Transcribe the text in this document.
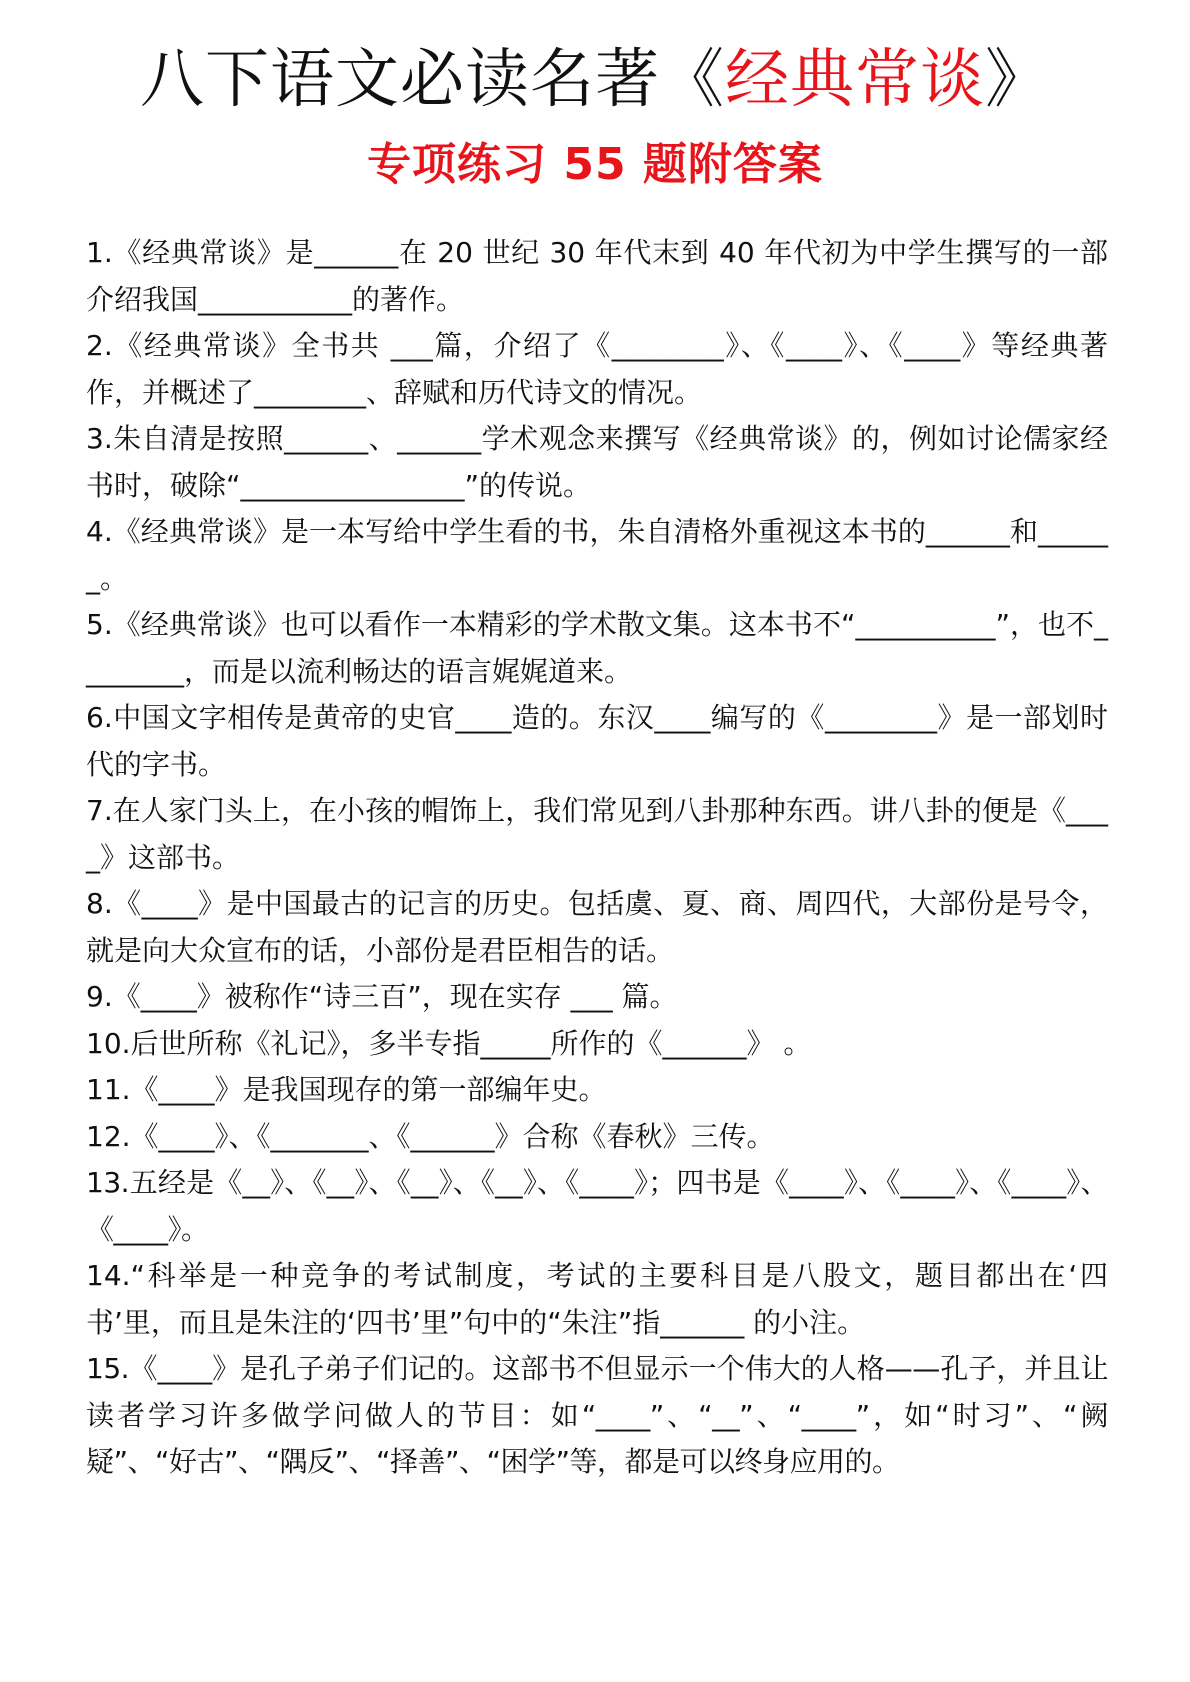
八下语文必读名著《经典常谈》
专项练习 55 题附答案

1.《经典常谈》是______在 20 世纪 30 年代末到 40 年代初为中学生撰写的一部介绍我国___________的著作。

2.《经典常谈》全书共 ___篇，介绍了《________》、《____》、《____》等经典著作，并概述了________、辞赋和历代诗文的情况。

3.朱自清是按照______、______学术观念来撰写《经典常谈》的，例如讨论儒家经书时，破除“________________”的传说。

4.《经典常谈》是一本写给中学生看的书，朱自清格外重视这本书的______和______。

5.《经典常谈》也可以看作一本精彩的学术散文集。这本书不“__________”，也不________，而是以流利畅达的语言娓娓道来。

6.中国文字相传是黄帝的史官____造的。东汉____编写的《________》是一部划时代的字书。

7.在人家门头上，在小孩的帽饰上，我们常见到八卦那种东西。讲八卦的便是《____》这部书。

8.《____》是中国最古的记言的历史。包括虞、夏、商、周四代，大部份是号令，就是向大众宣布的话，小部份是君臣相告的话。

9.《____》被称作“诗三百”，现在实存 ___ 篇。

10.后世所称《礼记》，多半专指_____所作的《______》 。

11.《____》是我国现存的第一部编年史。

12.《____》、《_______、《______》合称《春秋》三传。

13.五经是《__》、《__》、《__》、《__》、《____》；四书是《____》、《____》、《____》、《____》。

14.“科举是一种竞争的考试制度，考试的主要科目是八股文，题目都出在‘四书’里，而且是朱注的‘四书’里”句中的“朱注”指______ 的小注。

15.《____》是孔子弟子们记的。这部书不但显示一个伟大的人格——孔子，并且让读者学习许多做学问做人的节目：如“____”、“__”、“____”，如“时习”、“阙疑”、“好古”、“隅反”、“择善”、“困学”等，都是可以终身应用的。
